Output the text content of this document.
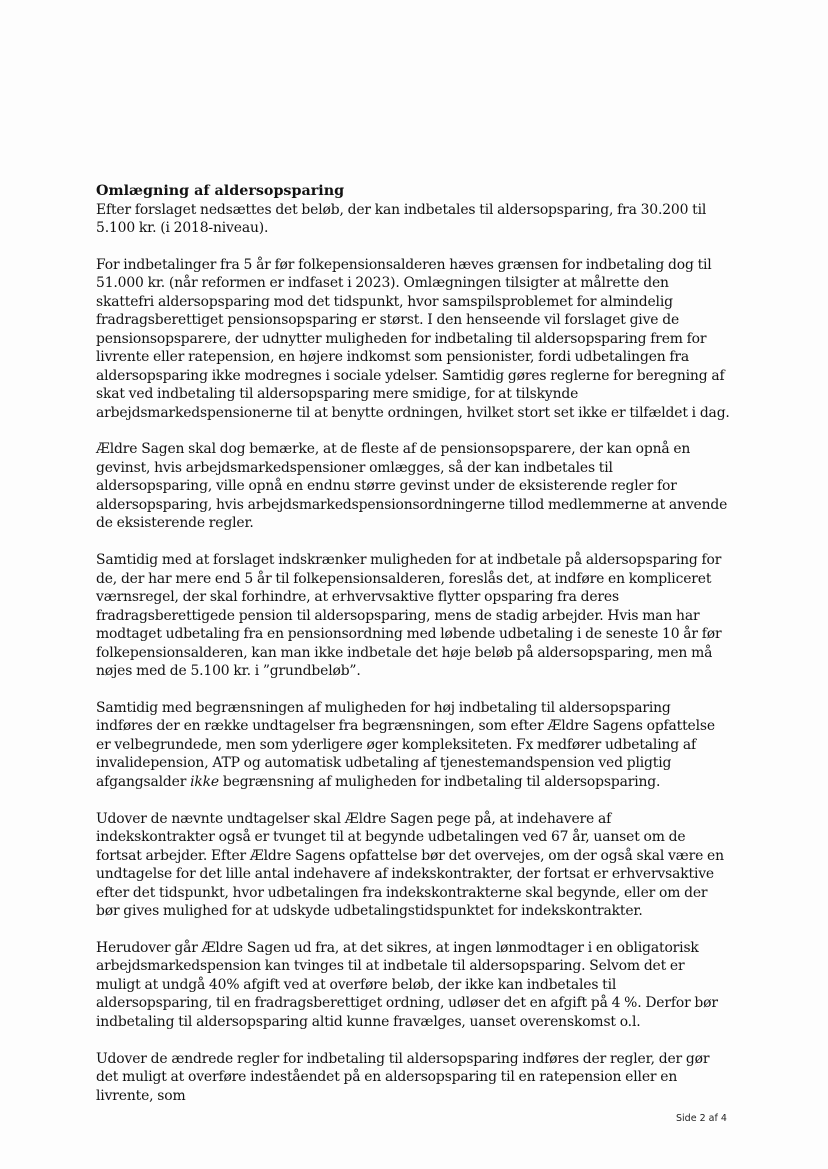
Omlægning af aldersopsparing

Efter forslaget nedsættes det beløb, der kan indbetales til aldersopsparing, fra 30.200 til 5.100 kr. (i 2018-niveau).

For indbetalinger fra 5 år før folkepensionsalderen hæves grænsen for indbetaling dog til 51.000 kr. (når reformen er indfaset i 2023). Omlægningen tilsigter at målrette den skattefri aldersopsparing mod det tidspunkt, hvor samspilsproblemet for almindelig fradragsberettiget pensionsopsparing er størst. I den henseende vil forslaget give de pensionsopsparere, der udnytter muligheden for indbetaling til aldersopsparing frem for livrente eller ratepension, en højere indkomst som pensionister, fordi udbetalingen fra aldersopsparing ikke modregnes i sociale ydelser. Samtidig gøres reglerne for beregning af skat ved indbetaling til aldersopsparing mere smidige, for at tilskynde arbejdsmarkedspensionerne til at benytte ordningen, hvilket stort set ikke er tilfældet i dag.

Ældre Sagen skal dog bemærke, at de fleste af de pensionsopsparere, der kan opnå en gevinst, hvis arbejdsmarkedspensioner omlægges, så der kan indbetales til aldersopsparing, ville opnå en endnu større gevinst under de eksisterende regler for aldersopsparing, hvis arbejdsmarkedspensionsordningerne tillod medlemmerne at anvende de eksisterende regler.

Samtidig med at forslaget indskrænker muligheden for at indbetale på aldersopsparing for de, der har mere end 5 år til folkepensionsalderen, foreslås det, at indføre en kompliceret værnsregel, der skal forhindre, at erhvervsaktive flytter opsparing fra deres fradragsberettigede pension til aldersopsparing, mens de stadig arbejder. Hvis man har modtaget udbetaling fra en pensionsordning med løbende udbetaling i de seneste 10 år før folkepensionsalderen, kan man ikke indbetale det høje beløb på aldersopsparing, men må nøjes med de 5.100 kr. i ”grundbeløb”.

Samtidig med begrænsningen af muligheden for høj indbetaling til aldersopsparing indføres der en række undtagelser fra begrænsningen, som efter Ældre Sagens opfattelse er velbegrundede, men som yderligere øger kompleksiteten. Fx medfører udbetaling af invalidepension, ATP og automatisk udbetaling af tjenestemandspension ved pligtig afgangsalder ikke begrænsning af muligheden for indbetaling til aldersopsparing.

Udover de nævnte undtagelser skal Ældre Sagen pege på, at indehavere af indekskontrakter også er tvunget til at begynde udbetalingen ved 67 år, uanset om de fortsat arbejder. Efter Ældre Sagens opfattelse bør det overvejes, om der også skal være en undtagelse for det lille antal indehavere af indekskontrakter, der fortsat er erhvervsaktive efter det tidspunkt, hvor udbetalingen fra indekskontrakterne skal begynde, eller om der bør gives mulighed for at udskyde udbetalingstidspunktet for indekskontrakter.

Herudover går Ældre Sagen ud fra, at det sikres, at ingen lønmodtager i en obligatorisk arbejdsmarkedspension kan tvinges til at indbetale til aldersopsparing. Selvom det er muligt at undgå 40% afgift ved at overføre beløb, der ikke kan indbetales til aldersopsparing, til en fradragsberettiget ordning, udløser det en afgift på 4 %. Derfor bør indbetaling til aldersopsparing altid kunne fravælges, uanset overenskomst o.l.

Udover de ændrede regler for indbetaling til aldersopsparing indføres der regler, der gør det muligt at overføre indeståendet på en aldersopsparing til en ratepension eller en livrente, som

Side 2 af 4
